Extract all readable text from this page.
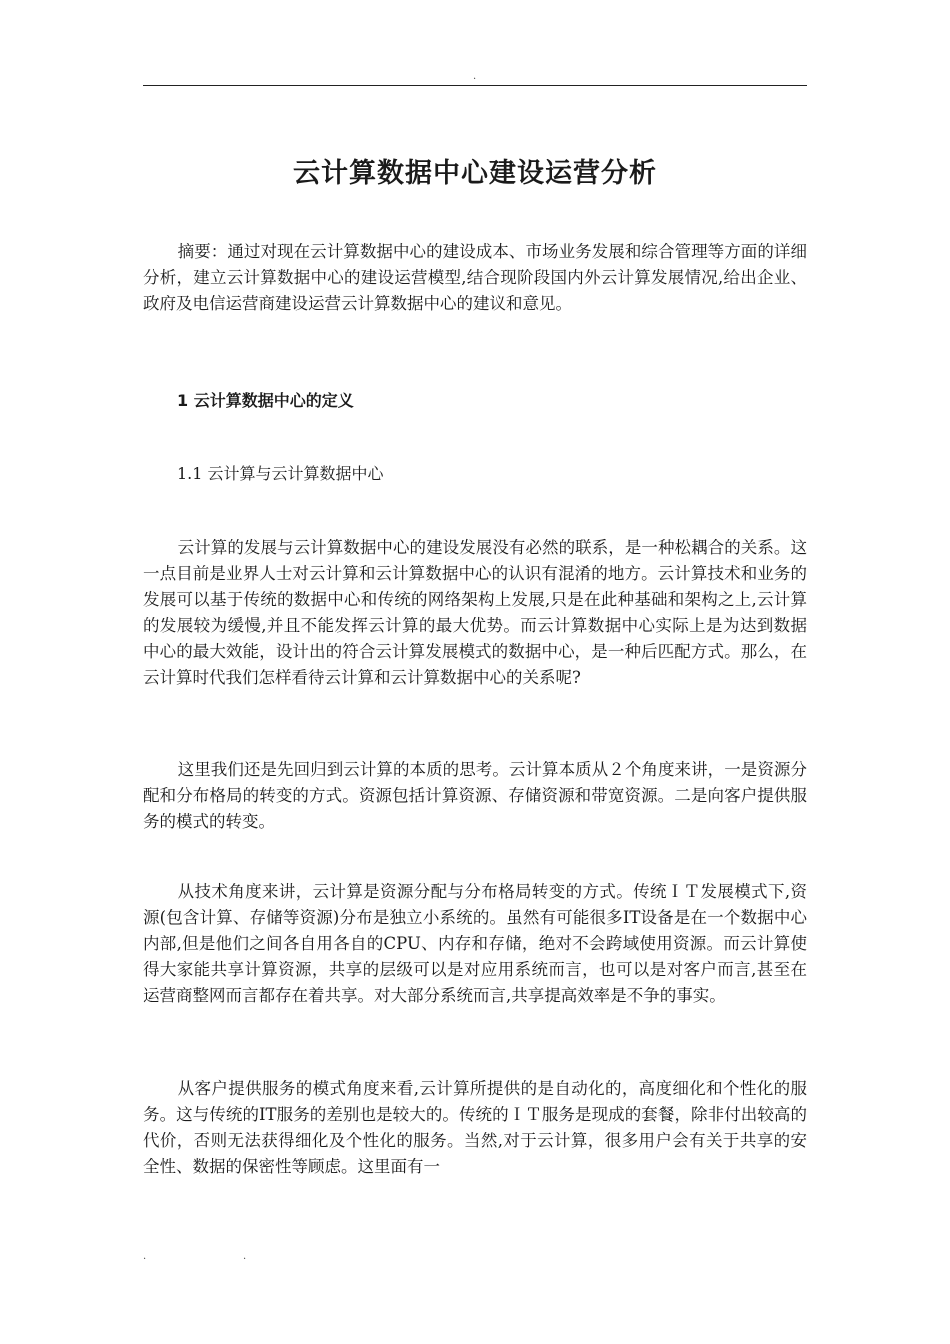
.
云计算数据中心建设运营分析

摘要：通过对现在云计算数据中心的建设成本、市场业务发展和综合管理等方面的详细分析，建立云计算数据中心的建设运营模型,结合现阶段国内外云计算发展情况,给出企业、政府及电信运营商建设运营云计算数据中心的建议和意见。

1 云计算数据中心的定义
1.1 云计算与云计算数据中心

云计算的发展与云计算数据中心的建设发展没有必然的联系，是一种松耦合的关系。这一点目前是业界人士对云计算和云计算数据中心的认识有混淆的地方。云计算技术和业务的发展可以基于传统的数据中心和传统的网络架构上发展,只是在此种基础和架构之上,云计算的发展较为缓慢,并且不能发挥云计算的最大优势。而云计算数据中心实际上是为达到数据中心的最大效能，设计出的符合云计算发展模式的数据中心，是一种后匹配方式。那么，在云计算时代我们怎样看待云计算和云计算数据中心的关系呢?

这里我们还是先回归到云计算的本质的思考。云计算本质从２个角度来讲，一是资源分配和分布格局的转变的方式。资源包括计算资源、存储资源和带宽资源。二是向客户提供服务的模式的转变。

从技术角度来讲，云计算是资源分配与分布格局转变的方式。传统ＩＴ发展模式下,资源(包含计算、存储等资源)分布是独立小系统的。虽然有可能很多IT设备是在一个数据中心内部,但是他们之间各自用各自的CPU、内存和存储，绝对不会跨域使用资源。而云计算使得大家能共享计算资源，共享的层级可以是对应用系统而言，也可以是对客户而言,甚至在运营商整网而言都存在着共享。对大部分系统而言,共享提高效率是不争的事实。

从客户提供服务的模式角度来看,云计算所提供的是自动化的，高度细化和个性化的服务。这与传统的IT服务的差别也是较大的。传统的ＩＴ服务是现成的套餐，除非付出较高的代价，否则无法获得细化及个性化的服务。当然,对于云计算，很多用户会有关于共享的安全性、数据的保密性等顾虑。这里面有一

.	.
